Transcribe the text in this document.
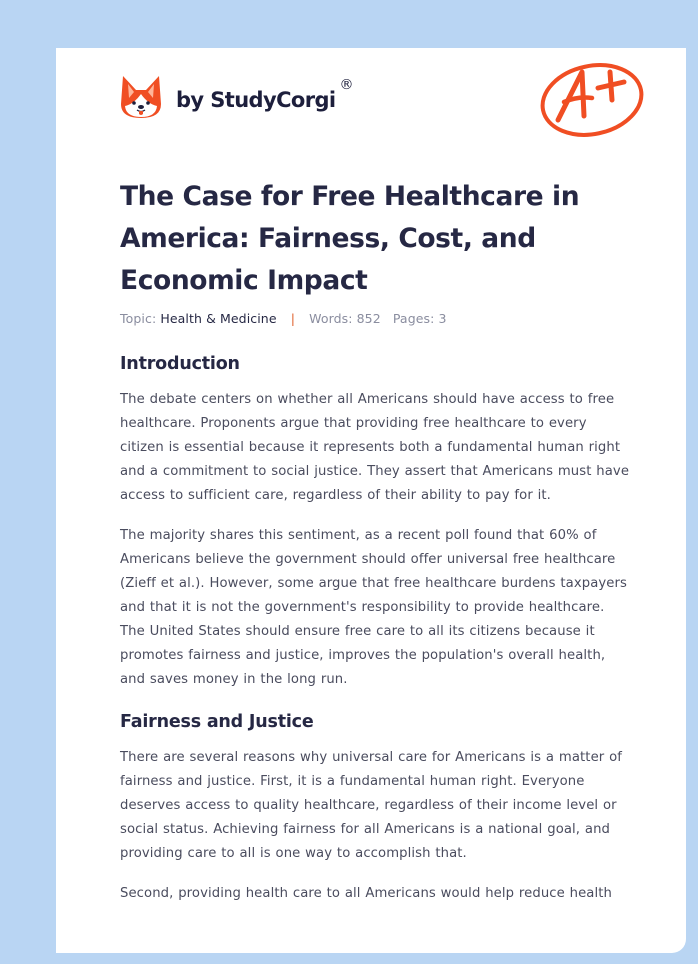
by StudyCorgi
®
The Case for Free Healthcare in America: Fairness, Cost, and Economic Impact
Topic: Health & Medicine | Words: 852 Pages: 3
Introduction

The debate centers on whether all Americans should have access to free healthcare. Proponents argue that providing free healthcare to every citizen is essential because it represents both a fundamental human right and a commitment to social justice. They assert that Americans must have access to sufficient care, regardless of their ability to pay for it.

The majority shares this sentiment, as a recent poll found that 60% of Americans believe the government should offer universal free healthcare (Zieff et al.). However, some argue that free healthcare burdens taxpayers and that it is not the government's responsibility to provide healthcare. The United States should ensure free care to all its citizens because it promotes fairness and justice, improves the population's overall health, and saves money in the long run.

Fairness and Justice

There are several reasons why universal care for Americans is a matter of fairness and justice. First, it is a fundamental human right. Everyone deserves access to quality healthcare, regardless of their income level or social status. Achieving fairness for all Americans is a national goal, and providing care to all is one way to accomplish that.

Second, providing health care to all Americans would help reduce health
